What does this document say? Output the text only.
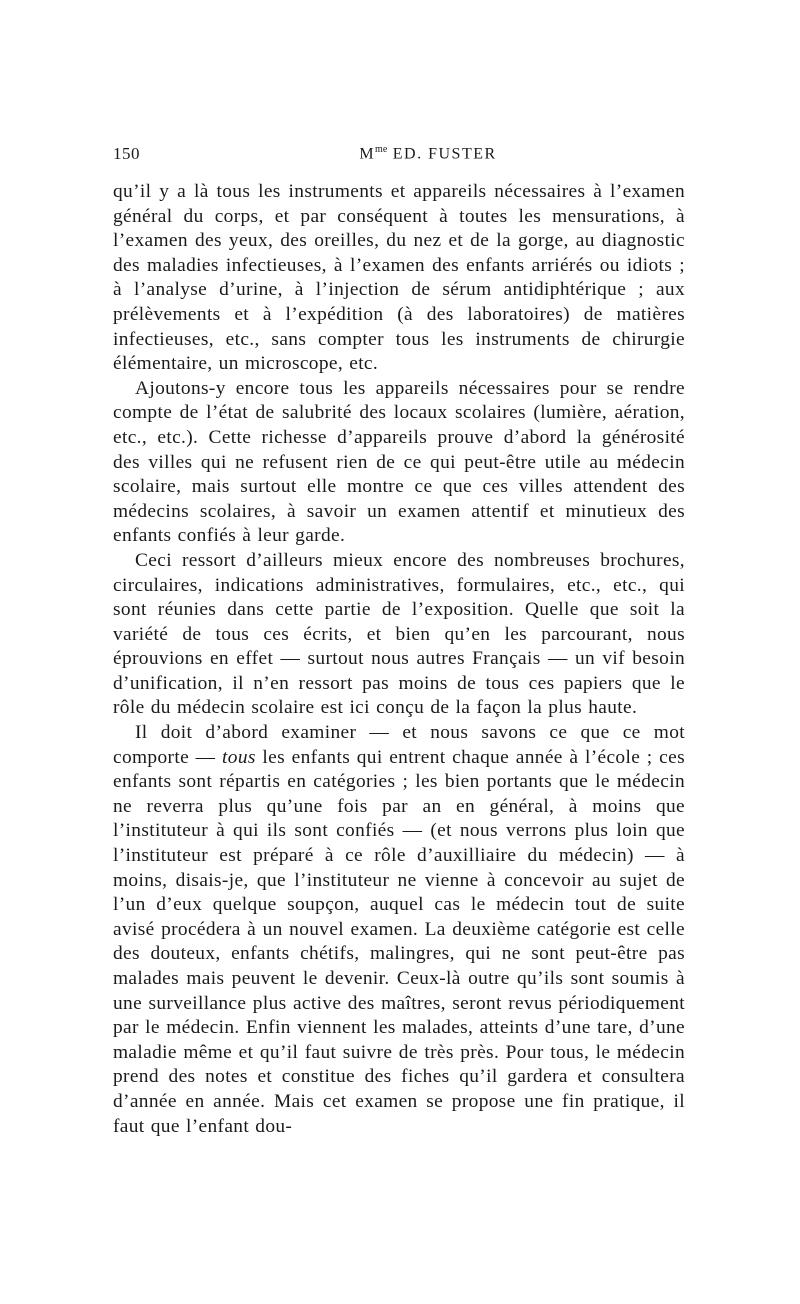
150	$M^{me}$ ED. FUSTER

qu’il y a là tous les instruments et appareils nécessaires à l’examen général du corps, et par conséquent à toutes les mensurations, à l’examen des yeux, des oreilles, du nez et de la gorge, au diagnostic des maladies infectieuses, à l’examen des enfants arriérés ou idiots ; à l’analyse d’urine, à l’injection de sérum antidiphtérique ; aux prélèvements et à l’expédition (à des laboratoires) de matières infectieuses, etc., sans compter tous les instruments de chirurgie élémentaire, un microscope, etc.

Ajoutons-y encore tous les appareils nécessaires pour se rendre compte de l’état de salubrité des locaux scolaires (lumière, aération, etc., etc.). Cette richesse d’appareils prouve d’abord la générosité des villes qui ne refusent rien de ce qui peut-être utile au médecin scolaire, mais surtout elle montre ce que ces villes attendent des médecins scolaires, à savoir un examen attentif et minutieux des enfants confiés à leur garde.

Ceci ressort d’ailleurs mieux encore des nombreuses brochures, circulaires, indications administratives, formulaires, etc., etc., qui sont réunies dans cette partie de l’exposition. Quelle que soit la variété de tous ces écrits, et bien qu’en les parcourant, nous éprouvions en effet — surtout nous autres Français — un vif besoin d’unification, il n’en ressort pas moins de tous ces papiers que le rôle du médecin scolaire est ici conçu de la façon la plus haute.

Il doit d’abord examiner — et nous savons ce que ce mot comporte — tous les enfants qui entrent chaque année à l’école ; ces enfants sont répartis en catégories ; les bien portants que le médecin ne reverra plus qu’une fois par an en général, à moins que l’instituteur à qui ils sont confiés — (et nous verrons plus loin que l’instituteur est préparé à ce rôle d’auxilliaire du médecin) — à moins, disais-je, que l’instituteur ne vienne à concevoir au sujet de l’un d’eux quelque soupçon, auquel cas le médecin tout de suite avisé procédera à un nouvel examen. La deuxième catégorie est celle des douteux, enfants chétifs, malingres, qui ne sont peut-être pas malades mais peuvent le devenir. Ceux-là outre qu’ils sont soumis à une surveillance plus active des maîtres, seront revus périodiquement par le médecin. Enfin viennent les malades, atteints d’une tare, d’une maladie même et qu’il faut suivre de très près. Pour tous, le médecin prend des notes et constitue des fiches qu’il gardera et consultera d’année en année. Mais cet examen se propose une fin pratique, il faut que l’enfant dou-
